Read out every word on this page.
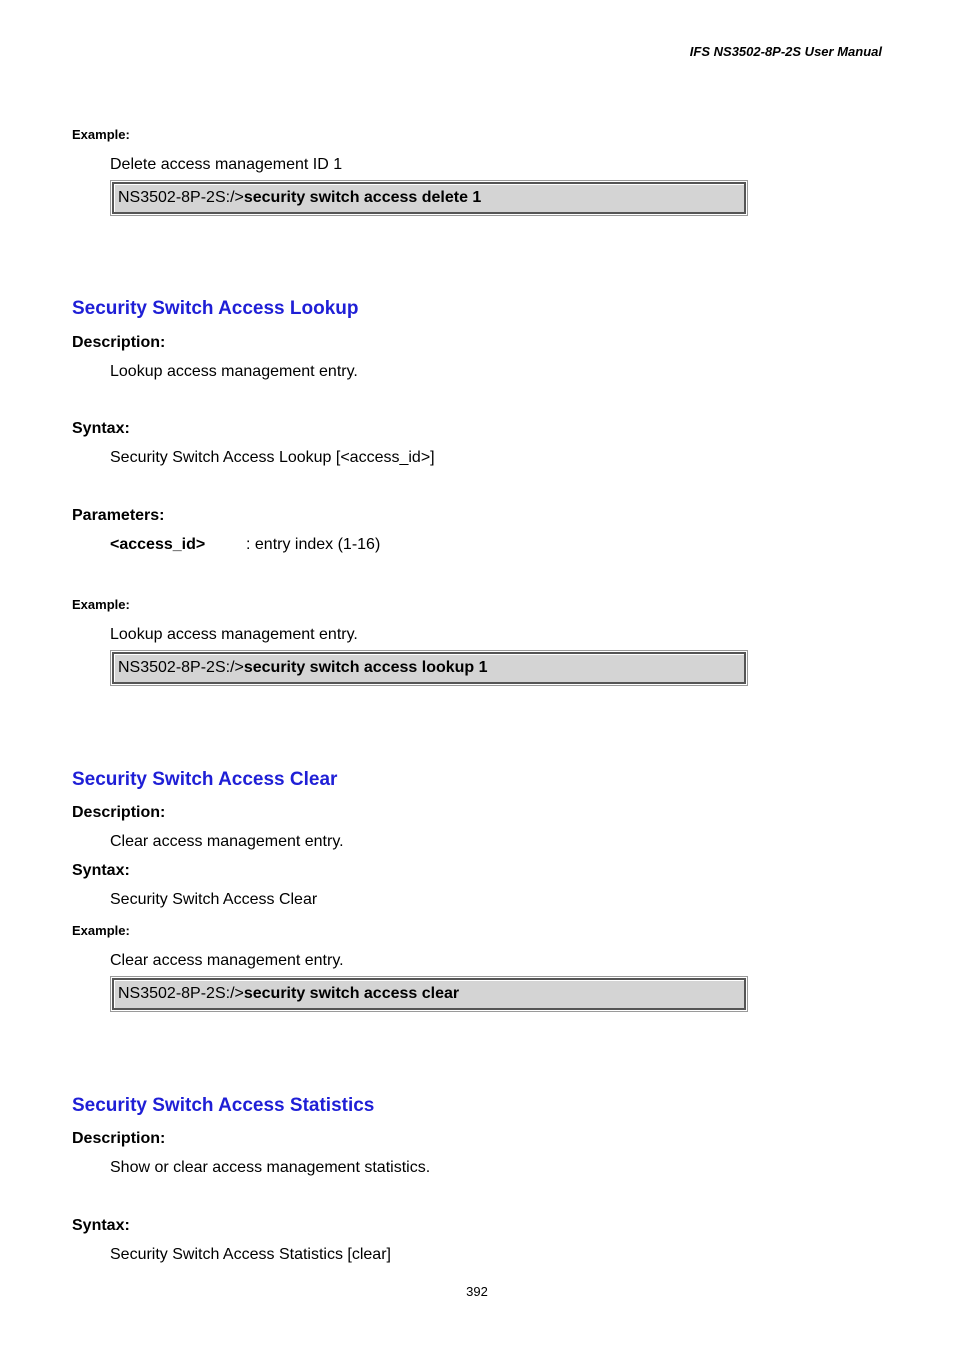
IFS NS3502-8P-2S User Manual
Example:
Delete access management ID 1
NS3502-8P-2S:/>security switch access delete 1
Security Switch Access Lookup
Description:
Lookup access management entry.
Syntax:
Security Switch Access Lookup [<access_id>]
Parameters:
<access_id>	: entry index (1-16)
Example:
Lookup access management entry.
NS3502-8P-2S:/>security switch access lookup 1
Security Switch Access Clear
Description:
Clear access management entry.
Syntax:
Security Switch Access Clear
Example:
Clear access management entry.
NS3502-8P-2S:/>security switch access clear
Security Switch Access Statistics
Description:
Show or clear access management statistics.
Syntax:
Security Switch Access Statistics [clear]
392
